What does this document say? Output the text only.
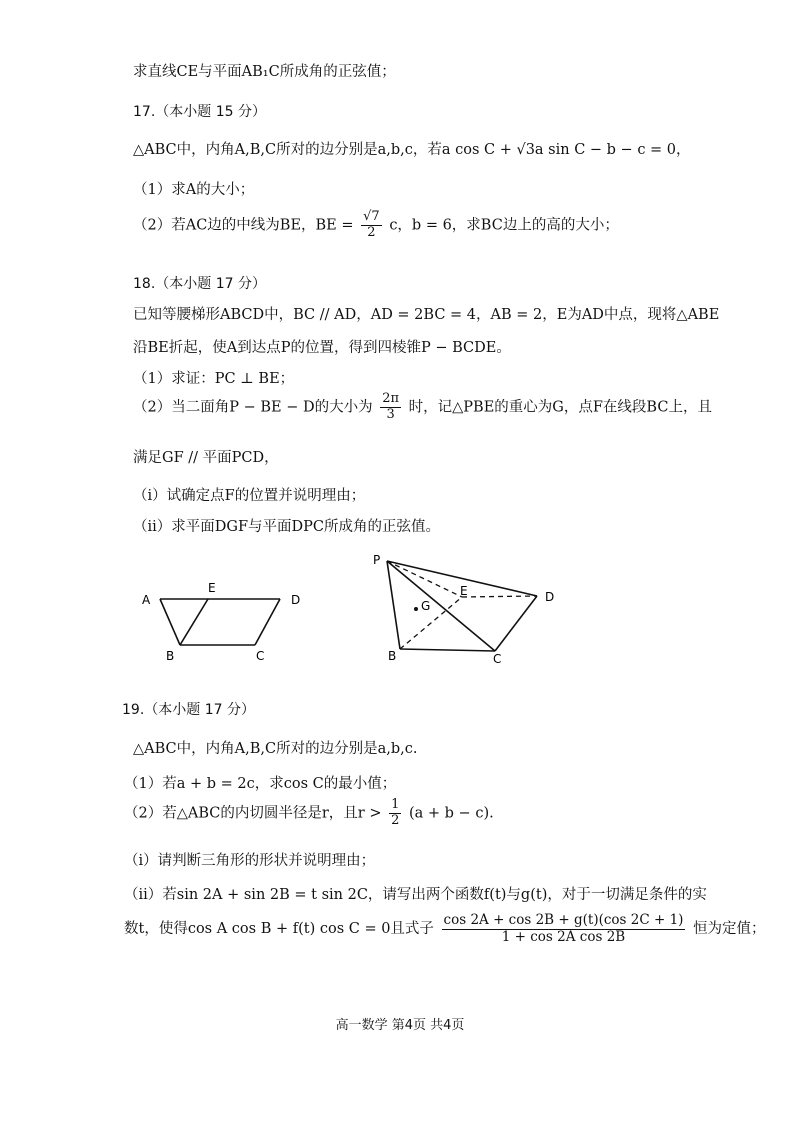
求直线CE与平面AB₁C所成角的正弦值；
17.（本小题 15 分）
△ABC中，内角A,B,C所对的边分别是a,b,c，若a cos C + √3a sin C − b − c = 0，
（1）求A的大小；
（2）若AC边的中线为BE，BE = $\frac{√7}{2}$ c，b = 6，求BC边上的高的大小；
18.（本小题 17 分）
已知等腰梯形ABCD中，BC // AD，AD = 2BC = 4，AB = 2，E为AD中点，现将△ABE
沿BE折起，使A到达点P的位置，得到四棱锥P − BCDE。
（1）求证：PC ⊥ BE；
（2）当二面角P − BE − D的大小为 $\frac{2\pi}{3}$ 时，记△PBE的重心为G，点F在线段BC上，且
满足GF // 平面PCD，
（i）试确定点F的位置并说明理由；
（ii）求平面DGF与平面DPC所成角的正弦值。
A
E
D
B	C
P
E	D
G
B	C
19.（本小题 17 分）
△ABC中，内角A,B,C所对的边分别是a,b,c.
（1）若a + b = 2c，求cos C的最小值；
（2）若△ABC的内切圆半径是r，且$r > \frac{1}{2} (a + b - c)$.
（i）请判断三角形的形状并说明理由；
（ii）若sin 2A + sin 2B = t sin 2C，请写出两个函数f(t)与g(t)，对于一切满足条件的实
数t，使得cos A cos B + f(t) cos C = 0且式子 $\frac{\cos 2A + \cos 2B + g(t)(\cos 2C + 1)}{\text{1 + cos 2A cos 2B}}$ 恒为定值；
高一数学 第4页 共4页
